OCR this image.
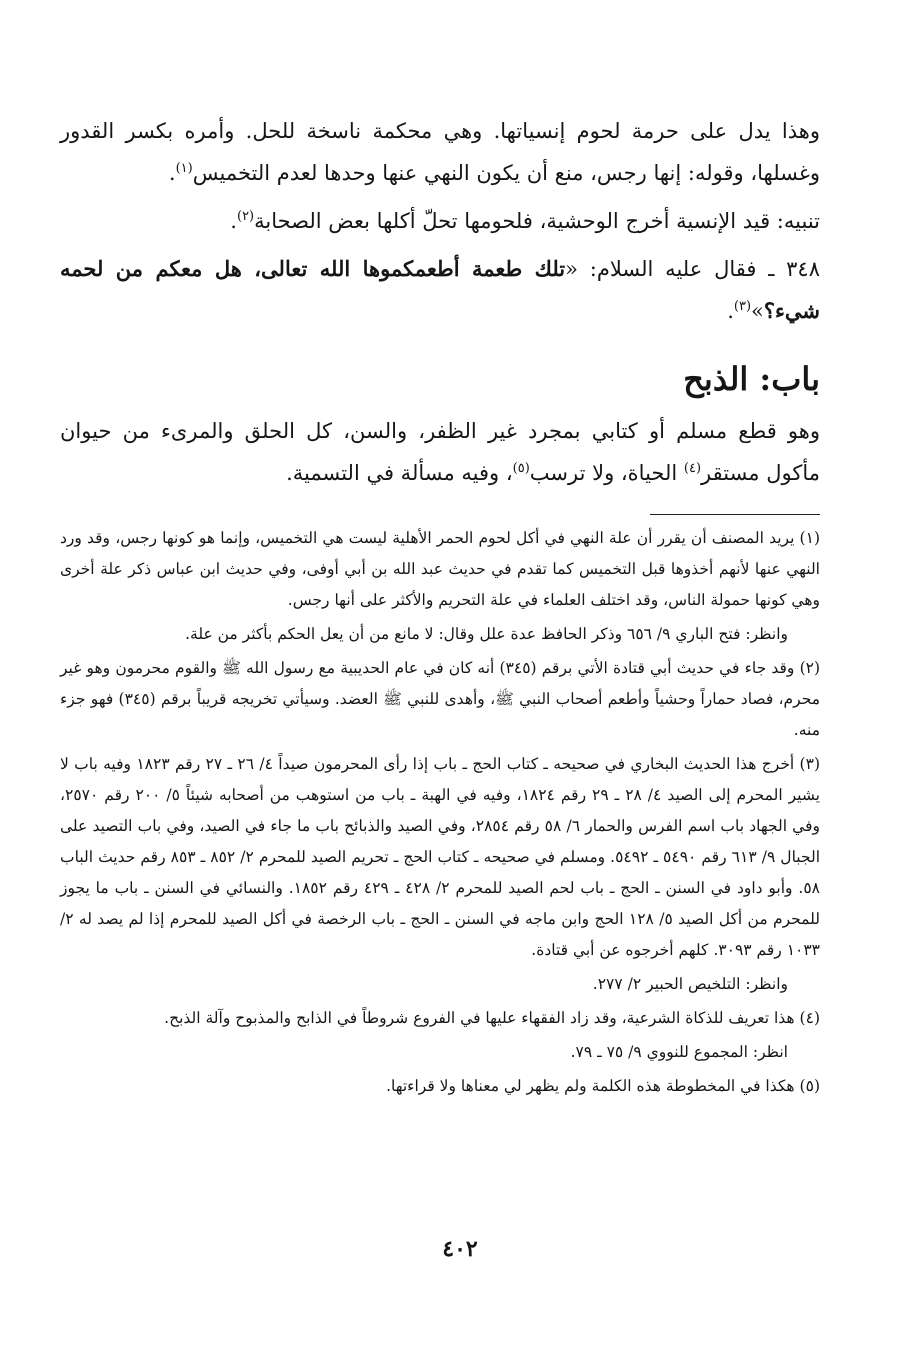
وهذا يدل على حرمة لحوم إنسياتها. وهي محكمة ناسخة للحل. وأمره بكسر القدور وغسلها، وقوله: إنها رجس، منع أن يكون النهي عنها وحدها لعدم التخميس$^{(١)}$.

تنبيه: قيد الإنسية أخرج الوحشية، فلحومها تحلّ أكلها بعض الصحابة$^{(٢)}$.

٣٤٨ ـ فقال عليه السلام: «تلك طعمة أطعمكموها الله تعالى، هل معكم من لحمه شيء؟»$^{(٣)}$.

باب: الذبح

وهو قطع مسلم أو كتابي بمجرد غير الظفر، والسن، كل الحلق والمرىء من حيوان مأكول مستقر$^{(٤)}$ الحياة، ولا ترسب$^{(٥)}$، وفيه مسألة في التسمية.

(١) يريد المصنف أن يقرر أن علة النهي في أكل لحوم الحمر الأهلية ليست هي التخميس، وإنما هو كونها رجس، وقد ورد النهي عنها لأنهم أخذوها قبل التخميس كما تقدم في حديث عبد الله بن أبي أوفى، وفي حديث ابن عباس ذكر علة أخرى وهي كونها حمولة الناس، وقد اختلف العلماء في علة التحريم والأكثر على أنها رجس.

وانظر: فتح الباري ٩/ ٦٥٦ وذكر الحافظ عدة علل وقال: لا مانع من أن يعل الحكم بأكثر من علة.

(٢) وقد جاء في حديث أبي قتادة الأتي برقم (٣٤٥) أنه كان في عام الحديبية مع رسول الله ﷺ والقوم محرمون وهو غير محرم، فصاد حماراً وحشياً وأطعم أصحاب النبي ﷺ، وأهدى للنبي ﷺ العضد. وسيأتي تخريجه قريباً برقم (٣٤٥) فهو جزء منه.

(٣) أخرج هذا الحديث البخاري في صحيحه ـ كتاب الحج ـ باب إذا رأى المحرمون صيداً ٤/ ٢٦ ـ ٢٧ رقم ١٨٢٣ وفيه باب لا يشير المحرم إلى الصيد ٤/ ٢٨ ـ ٢٩ رقم ١٨٢٤، وفيه في الهبة ـ باب من استوهب من أصحابه شيئاً ٥/ ٢٠٠ رقم ٢٥٧٠، وفي الجهاد باب اسم الفرس والحمار ٦/ ٥٨ رقم ٢٨٥٤، وفي الصيد والذبائح باب ما جاء في الصيد، وفي باب التصيد على الجبال ٩/ ٦١٣ رقم ٥٤٩٠ ـ ٥٤٩٢. ومسلم في صحيحه ـ كتاب الحج ـ تحريم الصيد للمحرم ٢/ ٨٥٢ ـ ٨٥٣ رقم حديث الباب ٥٨. وأبو داود في السنن ـ الحج ـ باب لحم الصيد للمحرم ٢/ ٤٢٨ ـ ٤٢٩ رقم ١٨٥٢. والنسائي في السنن ـ باب ما يجوز للمحرم من أكل الصيد ٥/ ١٢٨ الحج وابن ماجه في السنن ـ الحج ـ باب الرخصة في أكل الصيد للمحرم إذا لم يصد له ٢/ ١٠٣٣ رقم ٣٠٩٣. كلهم أخرجوه عن أبي قتادة.

وانظر: التلخيص الحبير ٢/ ٢٧٧.

(٤) هذا تعريف للذكاة الشرعية، وقد زاد الفقهاء عليها في الفروع شروطاً في الذابح والمذبوح وآلة الذبح.

انظر: المجموع للنووي ٩/ ٧٥ ـ ٧٩.

(٥) هكذا في المخطوطة هذه الكلمة ولم يظهر لي معناها ولا قراءتها.

٤٠٢
